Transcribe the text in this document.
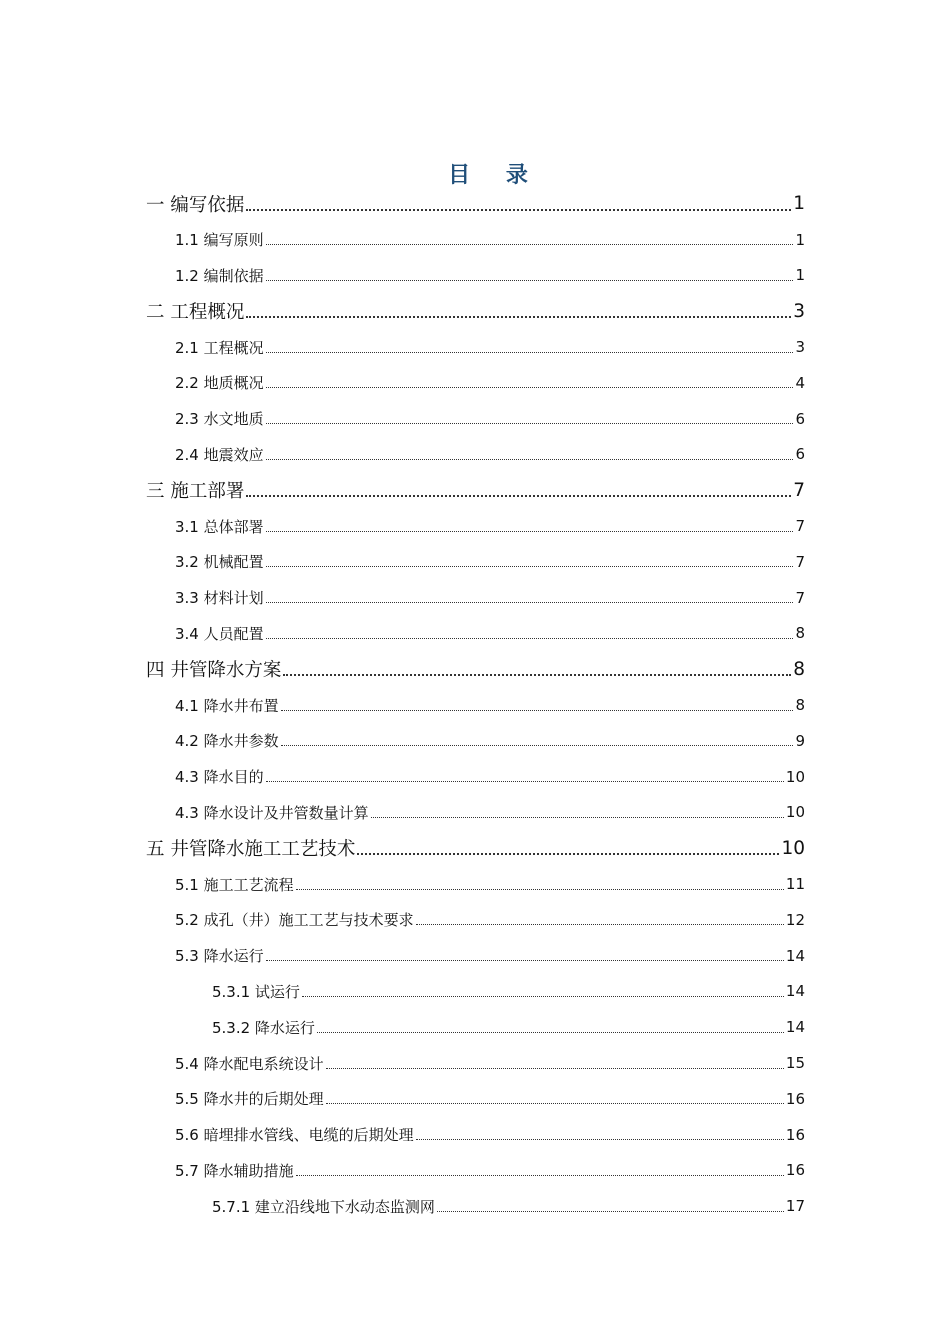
目 录
一 编写依据	1
1.1 编写原则	1
1.2 编制依据	1
二 工程概况	3
2.1 工程概况	3
2.2 地质概况	4
2.3 水文地质	6
2.4 地震效应	6
三 施工部署	7
3.1 总体部署	7
3.2 机械配置	7
3.3 材料计划	7
3.4 人员配置	8
四 井管降水方案	8
4.1 降水井布置	8
4.2 降水井参数	9
4.3 降水目的	10
4.3 降水设计及井管数量计算	10
五 井管降水施工工艺技术	10
5.1 施工工艺流程	11
5.2 成孔（井）施工工艺与技术要求	12
5.3 降水运行	14
5.3.1 试运行	14
5.3.2 降水运行	14
5.4 降水配电系统设计	15
5.5 降水井的后期处理	16
5.6 暗埋排水管线、电缆的后期处理	16
5.7 降水辅助措施	16
5.7.1 建立沿线地下水动态监测网	17
